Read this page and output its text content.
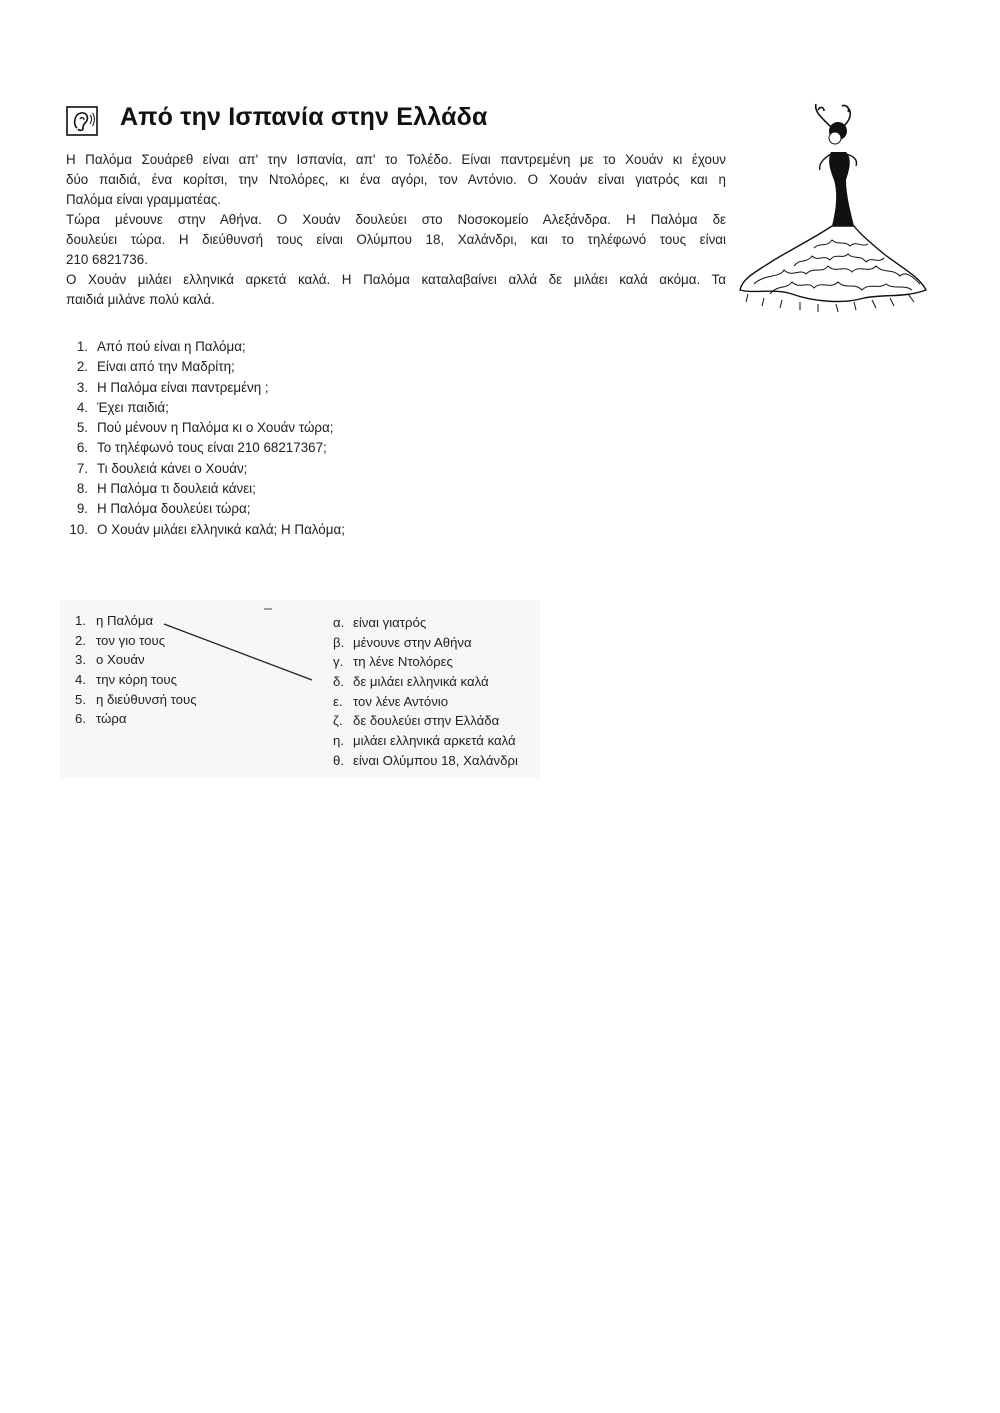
Από την Ισπανία στην Ελλάδα

Η Παλόμα Σουάρεθ είναι απ' την Ισπανία, απ' το Τολέδο. Είναι παντρεμένη με το Χουάν κι έχουν

δύο παιδιά, ένα κορίτσι, την Ντολόρες, κι ένα αγόρι, τον Αντόνιο. Ο Χουάν είναι γιατρός και η

Παλόμα είναι γραμματέας.

Τώρα μένουνε στην Αθήνα. Ο Χουάν δουλεύει στο Νοσοκομείο Αλεξάνδρα. Η Παλόμα δε

δουλεύει τώρα. Η διεύθυνσή τους είναι Ολύμπου 18, Χαλάνδρι, και το τηλέφωνό τους είναι

210 6821736.

Ο Χουάν μιλάει ελληνικά αρκετά καλά. Η Παλόμα καταλαβαίνει αλλά δε μιλάει καλά ακόμα. Τα

παιδιά μιλάνε πολύ καλά.

1. Από πού είναι η Παλόμα;
2. Είναι από την Μαδρίτη;
3. Η Παλόμα είναι παντρεμένη ;
4. Έχει παιδιά;
5. Πού μένουν η Παλόμα κι ο Χουάν τώρα;
6. Το τηλέφωνό τους είναι 210 68217367;
7. Τι δουλειά κάνει ο Χουάν;
8. Η Παλόμα τι δουλειά κάνει;
9. Η Παλόμα δουλεύει τώρα;
10. Ο Χουάν μιλάει ελληνικά καλά; Η Παλόμα;
1. η Παλόμα
2. τον γιο τους
3. ο Χουάν
4. την κόρη τους
5. η διεύθυνσή τους
6. τώρα
α. είναι γιατρός
β. μένουνε στην Αθήνα
γ. τη λένε Ντολόρες
δ. δε μιλάει ελληνικά καλά
ε. τον λένε Αντόνιο
ζ. δε δουλεύει στην Ελλάδα
η. μιλάει ελληνικά αρκετά καλά
θ. είναι Ολύμπου 18, Χαλάνδρι
